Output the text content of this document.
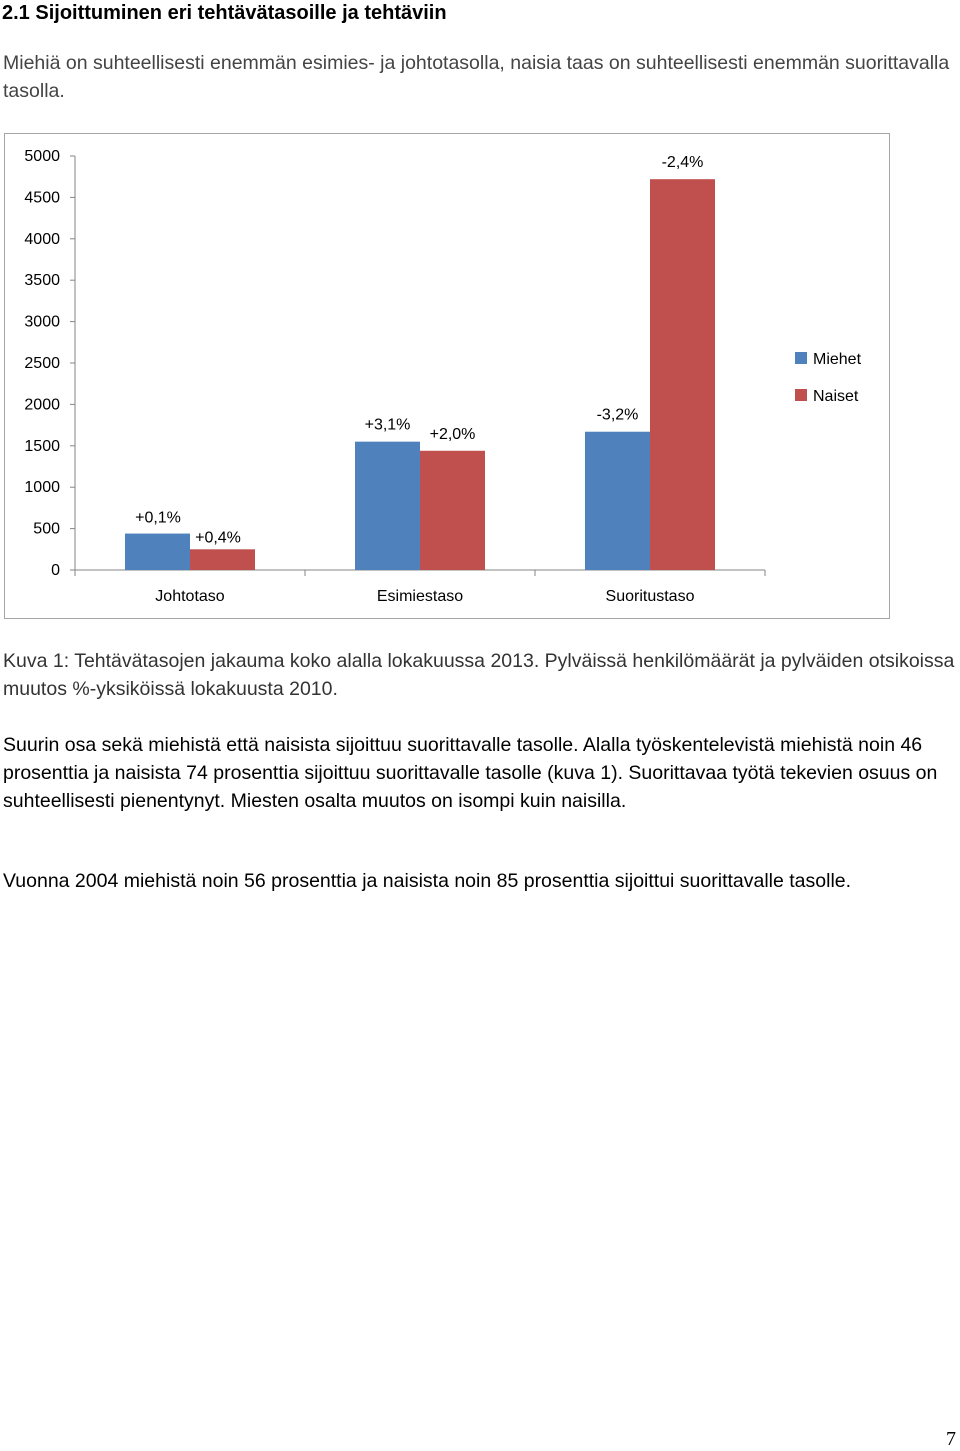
2.1 Sijoittuminen eri tehtävätasoille ja tehtäviin

Miehiä on suhteellisesti enemmän esimies- ja johtotasolla, naisia taas on suhteellisesti enemmän suorittavalla tasolla.

0
500
1000
1500
2000
2500
3000
3500
4000
4500
5000
Johtotaso
+0,1%
+0,4%
Esimiestaso
+3,1%
+2,0%
Suoritustaso
-3,2%
-2,4%
Miehet
Naiset

Kuva 1: Tehtävätasojen jakauma koko alalla lokakuussa 2013. Pylväissä henkilömäärät ja pylväiden otsikoissa muutos %-yksiköissä lokakuusta 2010.

Suurin osa sekä miehistä että naisista sijoittuu suorittavalle tasolle. Alalla työskentelevistä miehistä noin 46 prosenttia ja naisista 74 prosenttia sijoittuu suorittavalle tasolle (kuva 1). Suorittavaa työtä tekevien osuus on suhteellisesti pienentynyt. Miesten osalta muutos on isompi kuin naisilla.

Vuonna 2004 miehistä noin 56 prosenttia ja naisista noin 85 prosenttia sijoittui suorittavalle tasolle.

7
